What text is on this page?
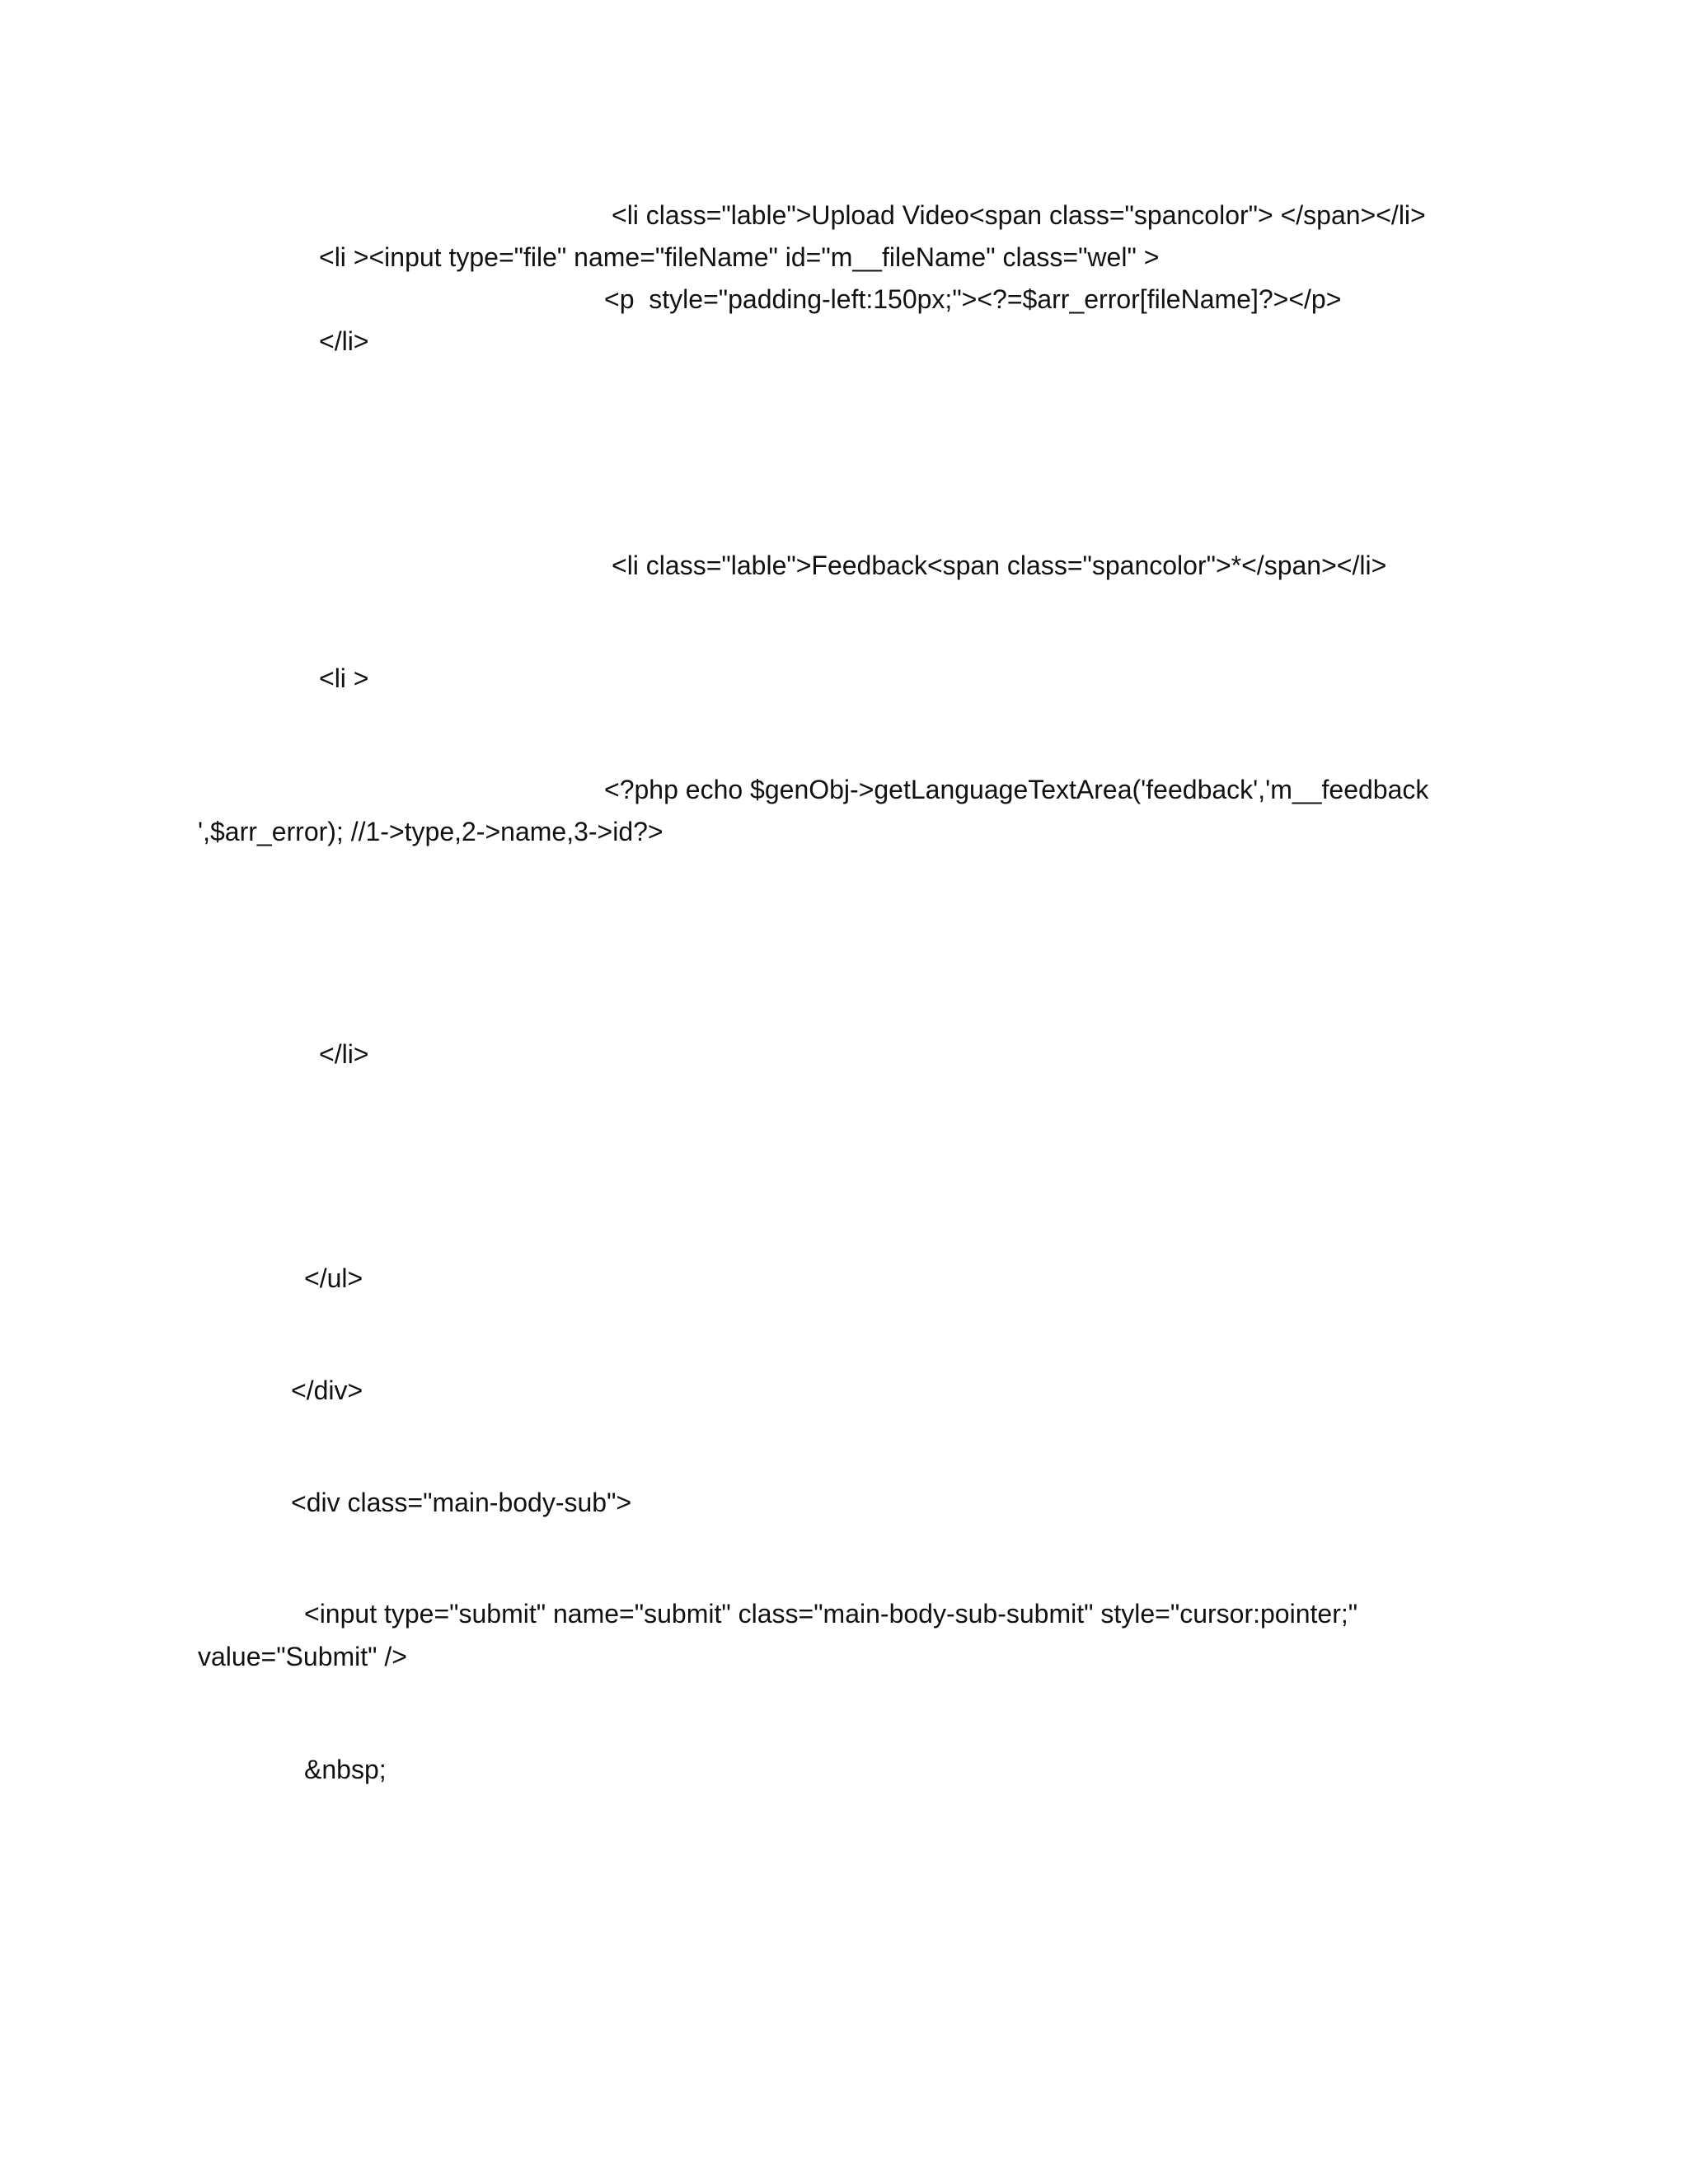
<li class="lable">Upload Video<span class="spancolor"> </span></li>
<li ><input type="file" name="fileName" id="m__fileName" class="wel" >
<p  style="padding-left:150px;"><?=$arr_error[fileName]?></p>
</li>
<li class="lable">Feedback<span class="spancolor">*</span></li>
<li >
<?php echo $genObj->getLanguageTextArea('feedback','m__feedback
',$arr_error); //1->type,2->name,3->id?>
</li>
</ul>
</div>
<div class="main-body-sub">
<input type="submit" name="submit" class="main-body-sub-submit" style="cursor:pointer;"
value="Submit" />
&nbsp;
